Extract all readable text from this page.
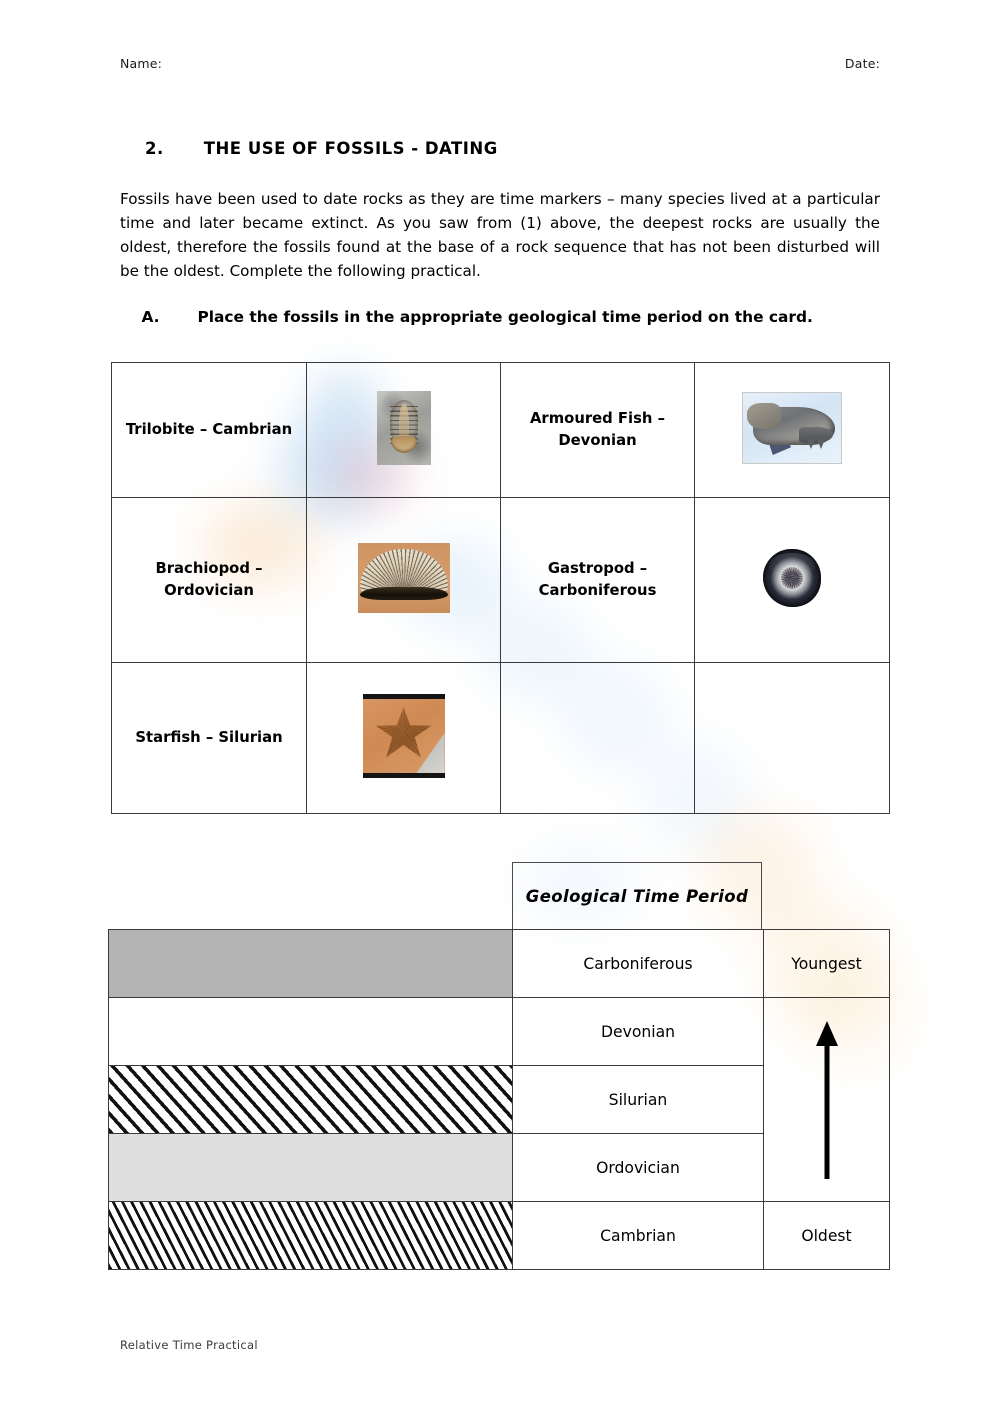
Name:	Date:

2. THE USE OF FOSSILS - DATING

Fossils have been used to date rocks as they are time markers – many species lived at a particular time and later became extinct. As you saw from (1) above, the deepest rocks are usually the oldest, therefore the fossils found at the base of a rock sequence that has not been disturbed will be the oldest. Complete the following practical.

A. Place the fossils in the appropriate geological time period on the card.

Trilobite – Cambrian		Armoured Fish – Devonian	

Brachiopod – Ordovician		Gastropod – Carboniferous	

Starfish – Silurian	

Geological Time Period
	Carboniferous	Youngest

	Devonian	

	Silurian	

	Ordovician	

	Cambrian	Oldest
Relative Time Practical
